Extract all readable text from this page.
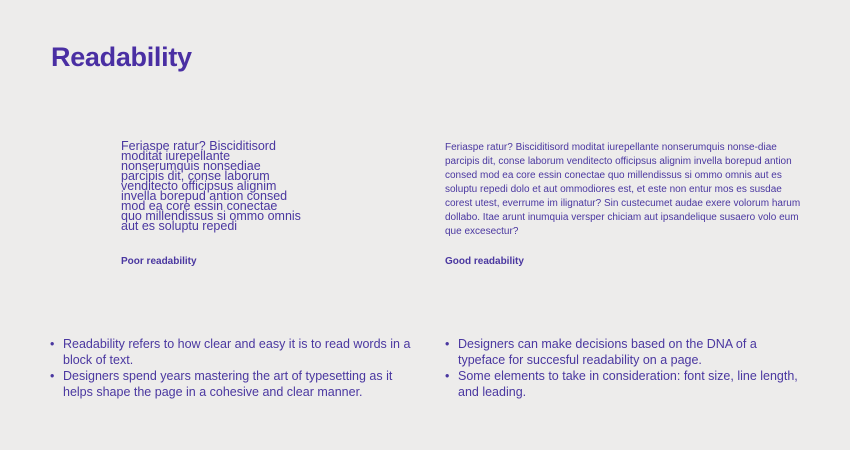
Readability

Feriaspe ratur? Bisciditisord moditat iurepellante nonserumquis nonsediae parcipis dit, conse laborum venditecto officipsus alignim invella borepud antion consed mod ea core essin conectae quo millendissus si ommo omnis aut es soluptu repedi

Poor readability

Feriaspe ratur? Bisciditisord moditat iurepellante nonserumquis nonse-diae parcipis dit, conse laborum venditecto officipsus alignim invella borepud antion consed mod ea core essin conectae quo millendissus si ommo omnis aut es soluptu repedi dolo et aut ommodiores est, et este non entur mos es susdae corest utest, everrume im ilignatur? Sin custecumet audae exere volorum harum dollabo. Itae arunt inumquia versper chiciam aut ipsandelique susaero volo eum que excesectur?

Good readability

• Readability refers to how clear and easy it is to read words in a block of text.
• Designers spend years mastering the art of typesetting as it helps shape the page in a cohesive and clear manner.
• Designers can make decisions based on the DNA of a typeface for succesful readability on a page.
• Some elements to take in consideration: font size, line length, and leading.
